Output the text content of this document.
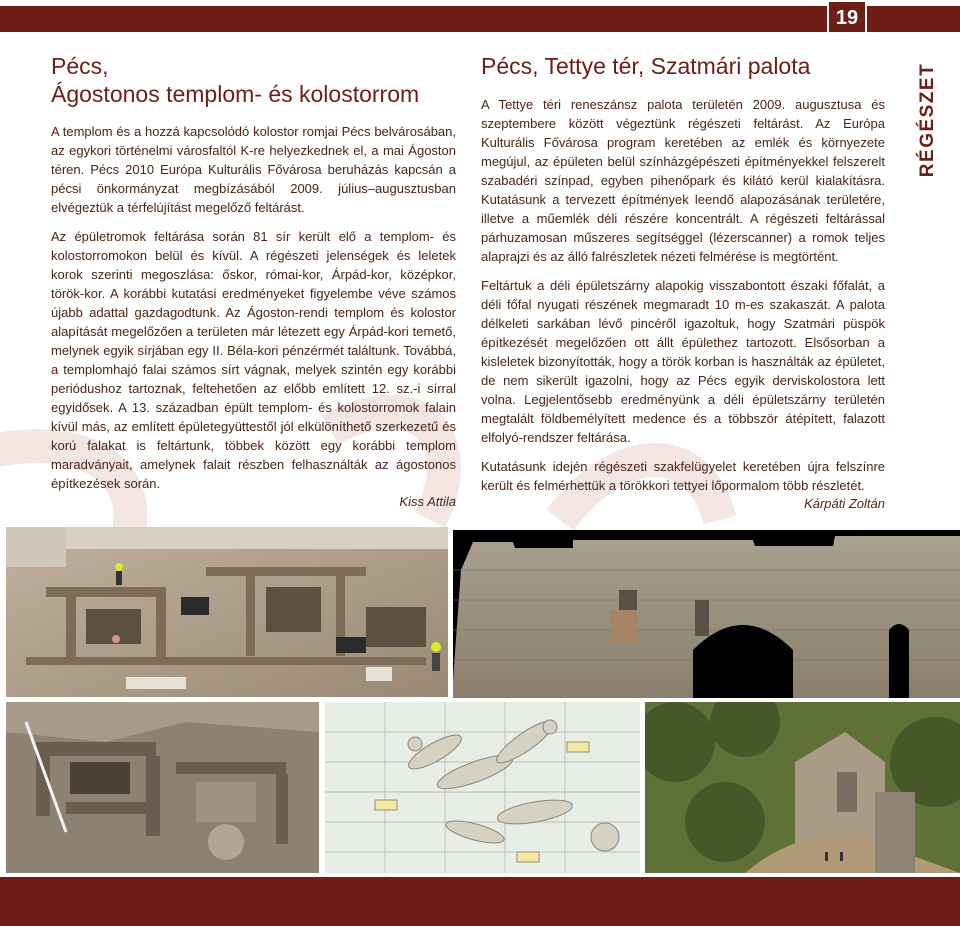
19
RÉGÉSZET
Pécs,
Ágostonos templom- és kolostorrom

A templom és a hozzá kapcsolódó kolostor romjai Pécs belvárosában, az egykori történelmi városfaltól K-re helyezkednek el, a mai Ágoston téren. Pécs 2010 Európa Kulturális Fővárosa beruházás kapcsán a pécsi önkormányzat megbízásából 2009. július–augusztusban elvégeztük a térfelújítást megelőző feltárást.

Az épületromok feltárása során 81 sír került elő a templom- és kolostorromokon belül és kívül. A régészeti jelenségek és leletek korok szerinti megoszlása: őskor, római-kor, Árpád-kor, középkor, török-kor. A korábbi kutatási eredményeket figyelembe véve számos újabb adattal gazdagodtunk. Az Ágoston-rendi templom és kolostor alapítását megelőzően a területen már létezett egy Árpád-kori temető, melynek egyik sírjában egy II. Béla-kori pénzérmét találtunk. Továbbá, a templomhajó falai számos sírt vágnak, melyek szintén egy korábbi periódushoz tartoznak, feltehetően az előbb említett 12. sz.-i sírral egyidősek. A 13. században épült templom- és kolostorromok falain kívül más, az említett épületegyüttestől jól elkülöníthető szerkezetű és korú falakat is feltártunk, többek között egy korábbi templom maradványait, amelynek falait részben felhasználták az ágostonos építkezések során.

Kiss Attila
Pécs, Tettye tér, Szatmári palota

A Tettye téri reneszánsz palota területén 2009. augusztusa és szeptembere között végeztünk régészeti feltárást. Az Európa Kulturális Fővárosa program keretében az emlék és környezete megújul, az épületen belül színházgépészeti építményekkel felszerelt szabadéri színpad, egyben pihenőpark és kilátó kerül kialakításra. Kutatásunk a tervezett építmények leendő alapozásának területére, illetve a műemlék déli részére koncentrált. A régészeti feltárással párhuzamosan műszeres segítséggel (lézerscanner) a romok teljes alaprajzi és az álló falrészletek nézeti felmérése is megtörtént.

Feltártuk a déli épületszárny alapokig visszabontott északi főfalát, a déli főfal nyugati részének megmaradt 10 m-es szakaszát. A palota délkeleti sarkában lévő pincéről igazoltuk, hogy Szatmári püspök építkezését megelőzően ott állt épülethez tartozott. Elsősorban a kisleletek bizonyították, hogy a török korban is használták az épületet, de nem sikerült igazolni, hogy az Pécs egyik derviskolostora lett volna. Legjelentősebb eredményünk a déli épületszárny területén megtalált földbemélyített medence és a többször átépített, falazott elfolyó-rendszer feltárása.

Kutatásunk idején régészeti szakfelügyelet keretében újra felszínre került és felmérhettük a törökkori tettyei lőpormalom több részletét.

Kárpáti Zoltán
